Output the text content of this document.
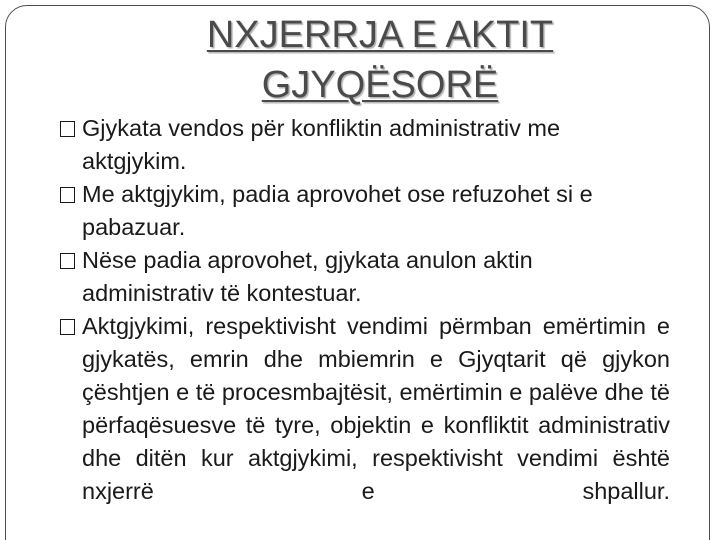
NXJERRJA E AKTIT
GJYQËSORË
Gjykata vendos për konfliktin administrativ me aktgjykim.
Me aktgjykim, padia aprovohet ose refuzohet si e pabazuar.
Nëse padia aprovohet, gjykata anulon aktin administrativ të kontestuar.
Aktgjykimi, respektivisht vendimi përmban emërtimin e gjykatës, emrin dhe mbiemrin e Gjyqtarit që gjykon çështjen e të procesmbajtësit, emërtimin e palëve dhe të përfaqësuesve të tyre, objektin e konfliktit administrativ dhe ditën kur aktgjykimi, respektivisht vendimi është nxjerrë e shpallur.
